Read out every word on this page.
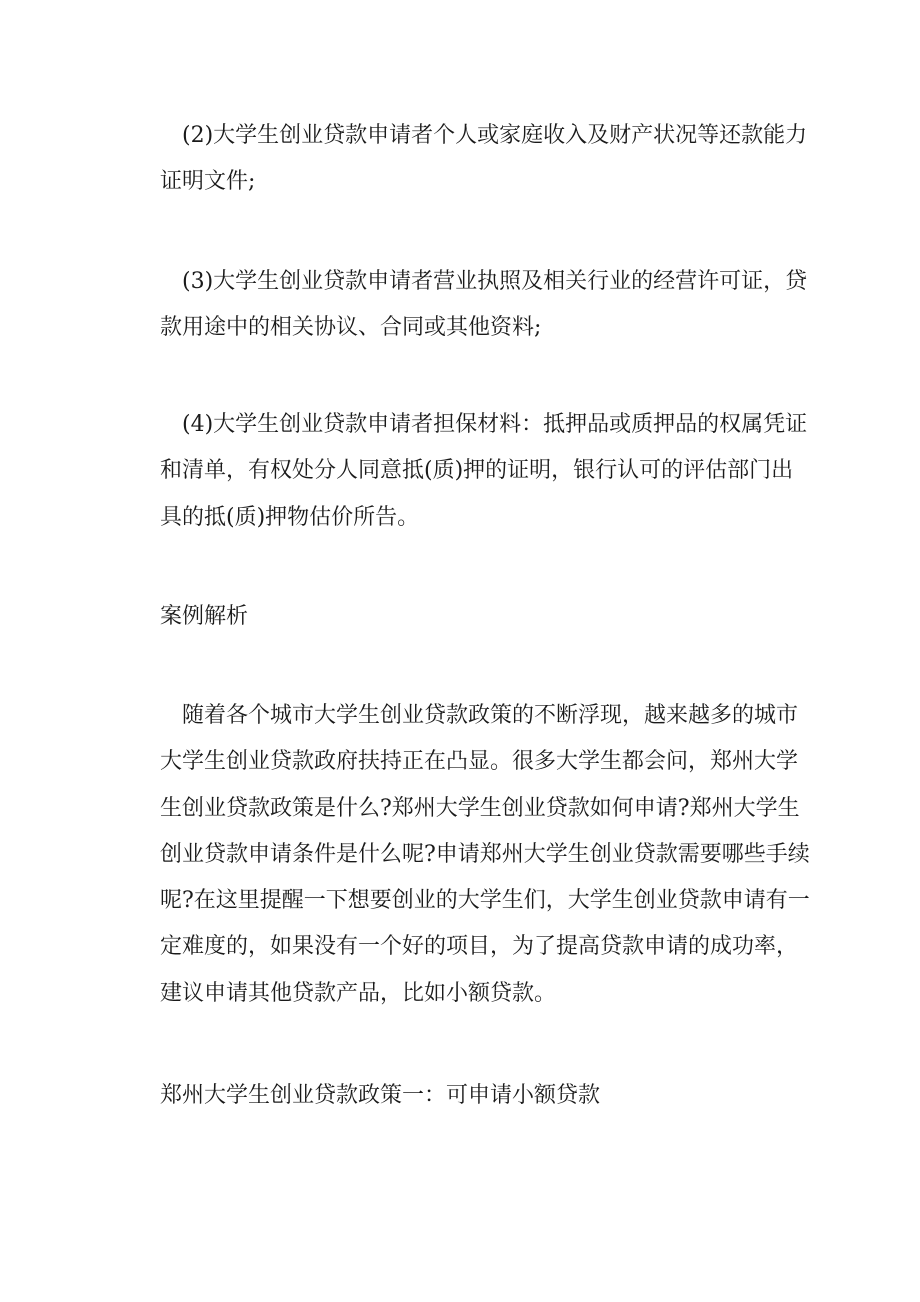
(2)大学生创业贷款申请者个人或家庭收入及财产状况等还款能力
证明文件;
(3)大学生创业贷款申请者营业执照及相关行业的经营许可证，贷
款用途中的相关协议、合同或其他资料;
(4)大学生创业贷款申请者担保材料：抵押品或质押品的权属凭证
和清单，有权处分人同意抵(质)押的证明，银行认可的评估部门出
具的抵(质)押物估价所告。
案例解析
随着各个城市大学生创业贷款政策的不断浮现，越来越多的城市
大学生创业贷款政府扶持正在凸显。很多大学生都会问，郑州大学
生创业贷款政策是什么?郑州大学生创业贷款如何申请?郑州大学生
创业贷款申请条件是什么呢?申请郑州大学生创业贷款需要哪些手续
呢?在这里提醒一下想要创业的大学生们，大学生创业贷款申请有一
定难度的，如果没有一个好的项目，为了提高贷款申请的成功率，
建议申请其他贷款产品，比如小额贷款。
郑州大学生创业贷款政策一：可申请小额贷款
